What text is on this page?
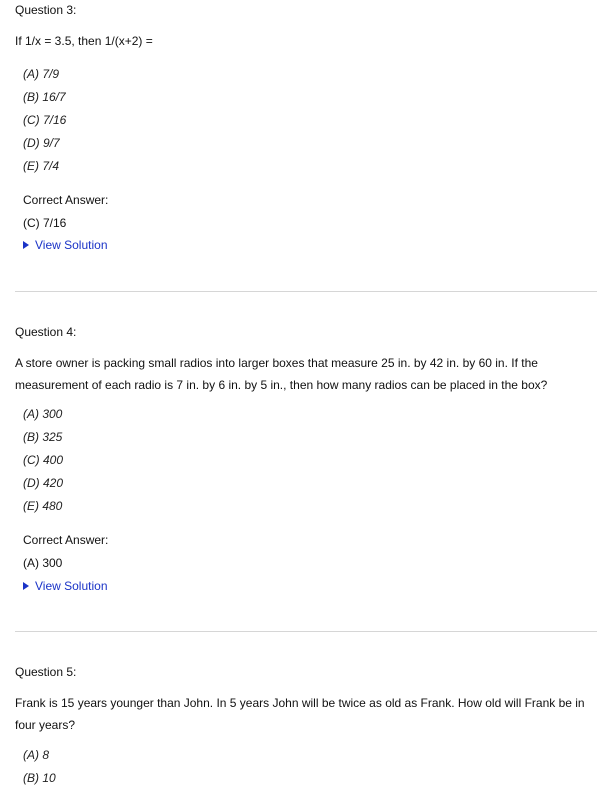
Question 3:
If 1/x = 3.5, then 1/(x+2) =
(A) 7/9
(B) 16/7
(C) 7/16
(D) 9/7
(E) 7/4
Correct Answer:
(C) 7/16
View Solution
Question 4:
A store owner is packing small radios into larger boxes that measure 25 in. by 42 in. by 60 in. If the measurement of each radio is 7 in. by 6 in. by 5 in., then how many radios can be placed in the box?
(A) 300
(B) 325
(C) 400
(D) 420
(E) 480
Correct Answer:
(A) 300
View Solution
Question 5:
Frank is 15 years younger than John. In 5 years John will be twice as old as Frank. How old will Frank be in four years?
(A) 8
(B) 10
